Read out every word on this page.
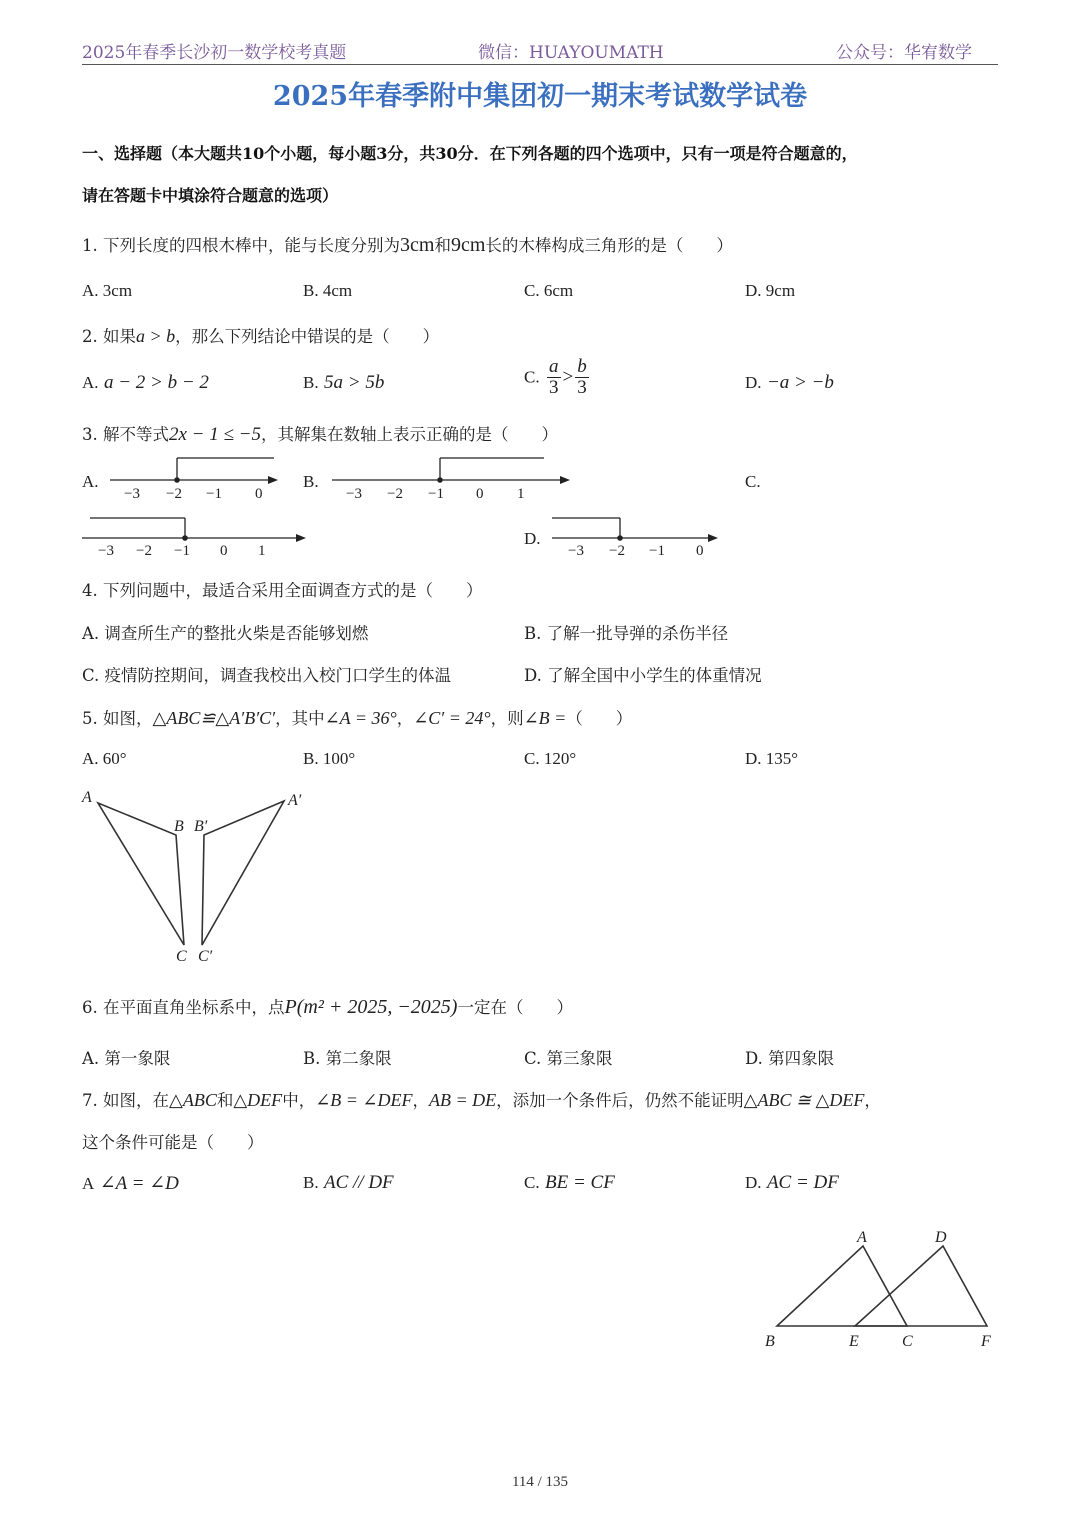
2025年春季长沙初一数学校考真题	微信：HUAYOUMATH	公众号：华宥数学
2025年春季附中集团初一期末考试数学试卷
一、选择题（本大题共10个小题，每小题3分，共30分．在下列各题的四个选项中，只有一项是符合题意的，
请在答题卡中填涂符合题意的选项）
1. 下列长度的四根木棒中，能与长度分别为3cm和9cm长的木棒构成三角形的是（　　）
A. 3cm	B. 4cm	C. 6cm	D. 9cm
2. 如果a > b，那么下列结论中错误的是（　　）
A. a − 2 > b − 2	B. 5a > 5b	C. $\frac{a}{3} > \frac{b}{3}$	D. −a > −b
3. 解不等式2x − 1 ≤ −5，其解集在数轴上表示正确的是（　　）
A.
−3 −2 −1 0
B.
−3 −2 −1 0 1
C.
−3 −2 −1 0 1
D.
−3 −2 −1 0
4. 下列问题中，最适合采用全面调查方式的是（　　）
A. 调查所生产的整批火柴是否能够划燃	B. 了解一批导弹的杀伤半径
C. 疫情防控期间，调查我校出入校门口学生的体温	D. 了解全国中小学生的体重情况
5. 如图，△ABC≌△A′B′C′，其中∠A = 36°，∠C′ = 24°，则∠B =（　　）
A. 60°	B. 100°	C. 120°	D. 135°
A
B B′
A′
C C′
6. 在平面直角坐标系中，点P(m² + 2025, −2025)一定在（　　）
A. 第一象限	B. 第二象限	C. 第三象限	D. 第四象限
7. 如图，在△ABC和△DEF中，∠B = ∠DEF，AB = DE，添加一个条件后，仍然不能证明△ABC ≅ △DEF，
这个条件可能是（　　）
A ∠A = ∠D	B. AC // DF	C. BE = CF	D. AC = DF
A	D
B	E	C	F
114 / 135
